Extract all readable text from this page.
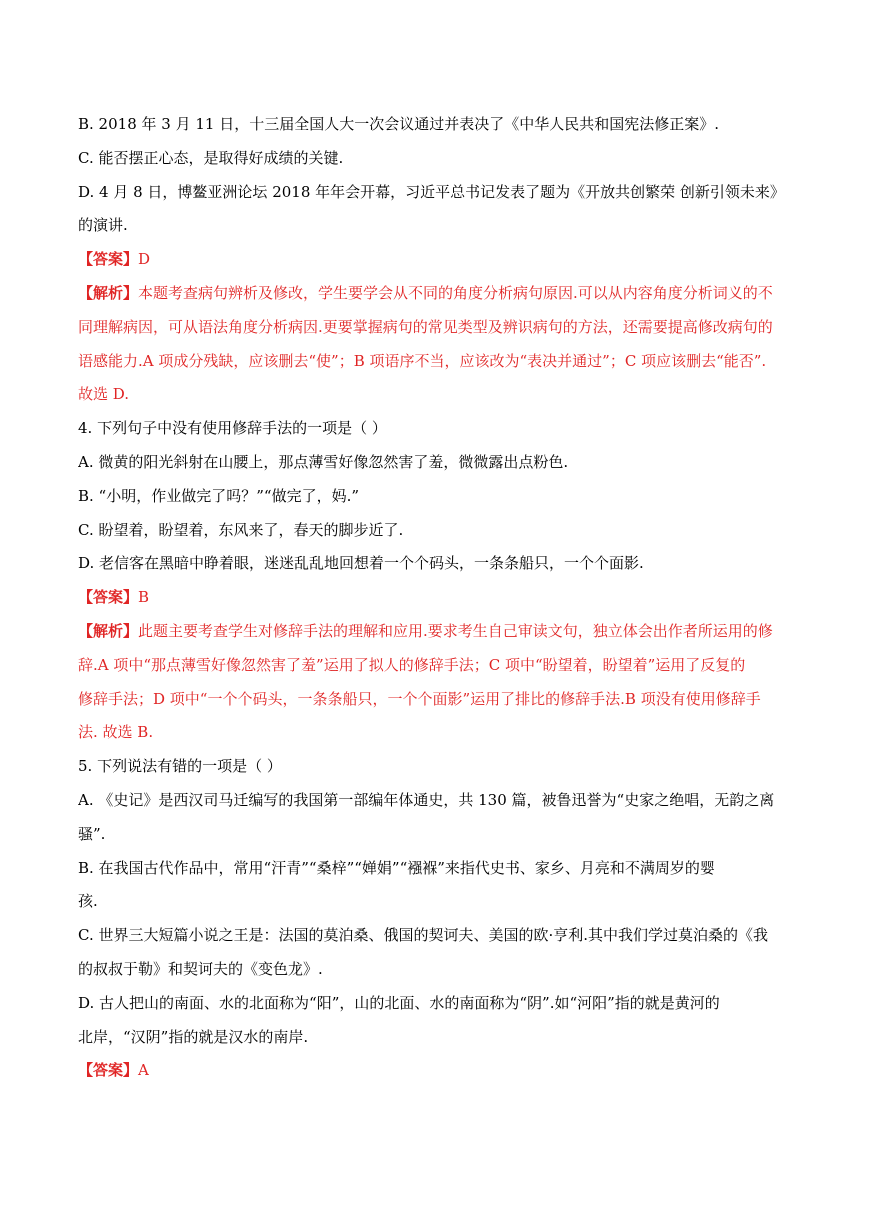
B. 2018 年 3 月 11 日，十三届全国人大一次会议通过并表决了《中华人民共和国宪法修正案》.
C. 能否摆正心态，是取得好成绩的关键.
D. 4 月 8 日，博鳌亚洲论坛 2018 年年会开幕，习近平总书记发表了题为《开放共创繁荣 创新引领未来》
的演讲.
【答案】D
【解析】本题考查病句辨析及修改，学生要学会从不同的角度分析病句原因.可以从内容角度分析词义的不
同理解病因，可从语法角度分析病因.更要掌握病句的常见类型及辨识病句的方法，还需要提高修改病句的
语感能力.A 项成分残缺，应该删去“使”；B 项语序不当，应该改为“表决并通过”；C 项应该删去“能否”.
故选 D.
4. 下列句子中没有使用修辞手法的一项是（ ）
A. 微黄的阳光斜射在山腰上，那点薄雪好像忽然害了羞，微微露出点粉色.
B. “小明，作业做完了吗？”“做完了，妈.”
C. 盼望着，盼望着，东风来了，春天的脚步近了.
D. 老信客在黑暗中睁着眼，迷迷乱乱地回想着一个个码头，一条条船只，一个个面影.
【答案】B
【解析】此题主要考查学生对修辞手法的理解和应用.要求考生自己审读文句，独立体会出作者所运用的修
辞.A 项中“那点薄雪好像忽然害了羞”运用了拟人的修辞手法；C 项中“盼望着，盼望着”运用了反复的
修辞手法；D 项中“一个个码头，一条条船只，一个个面影”运用了排比的修辞手法.B 项没有使用修辞手
法. 故选 B.
5. 下列说法有错的一项是（ ）
A. 《史记》是西汉司马迁编写的我国第一部编年体通史，共 130 篇，被鲁迅誉为“史家之绝唱，无韵之离
骚”.
B. 在我国古代作品中，常用“汗青”“桑梓”“婵娟”“襁褓”来指代史书、家乡、月亮和不满周岁的婴
孩.
C. 世界三大短篇小说之王是：法国的莫泊桑、俄国的契诃夫、美国的欧·亨利.其中我们学过莫泊桑的《我
的叔叔于勒》和契诃夫的《变色龙》.
D. 古人把山的南面、水的北面称为“阳”，山的北面、水的南面称为“阴”.如“河阳”指的就是黄河的
北岸，“汉阴”指的就是汉水的南岸.
【答案】A
